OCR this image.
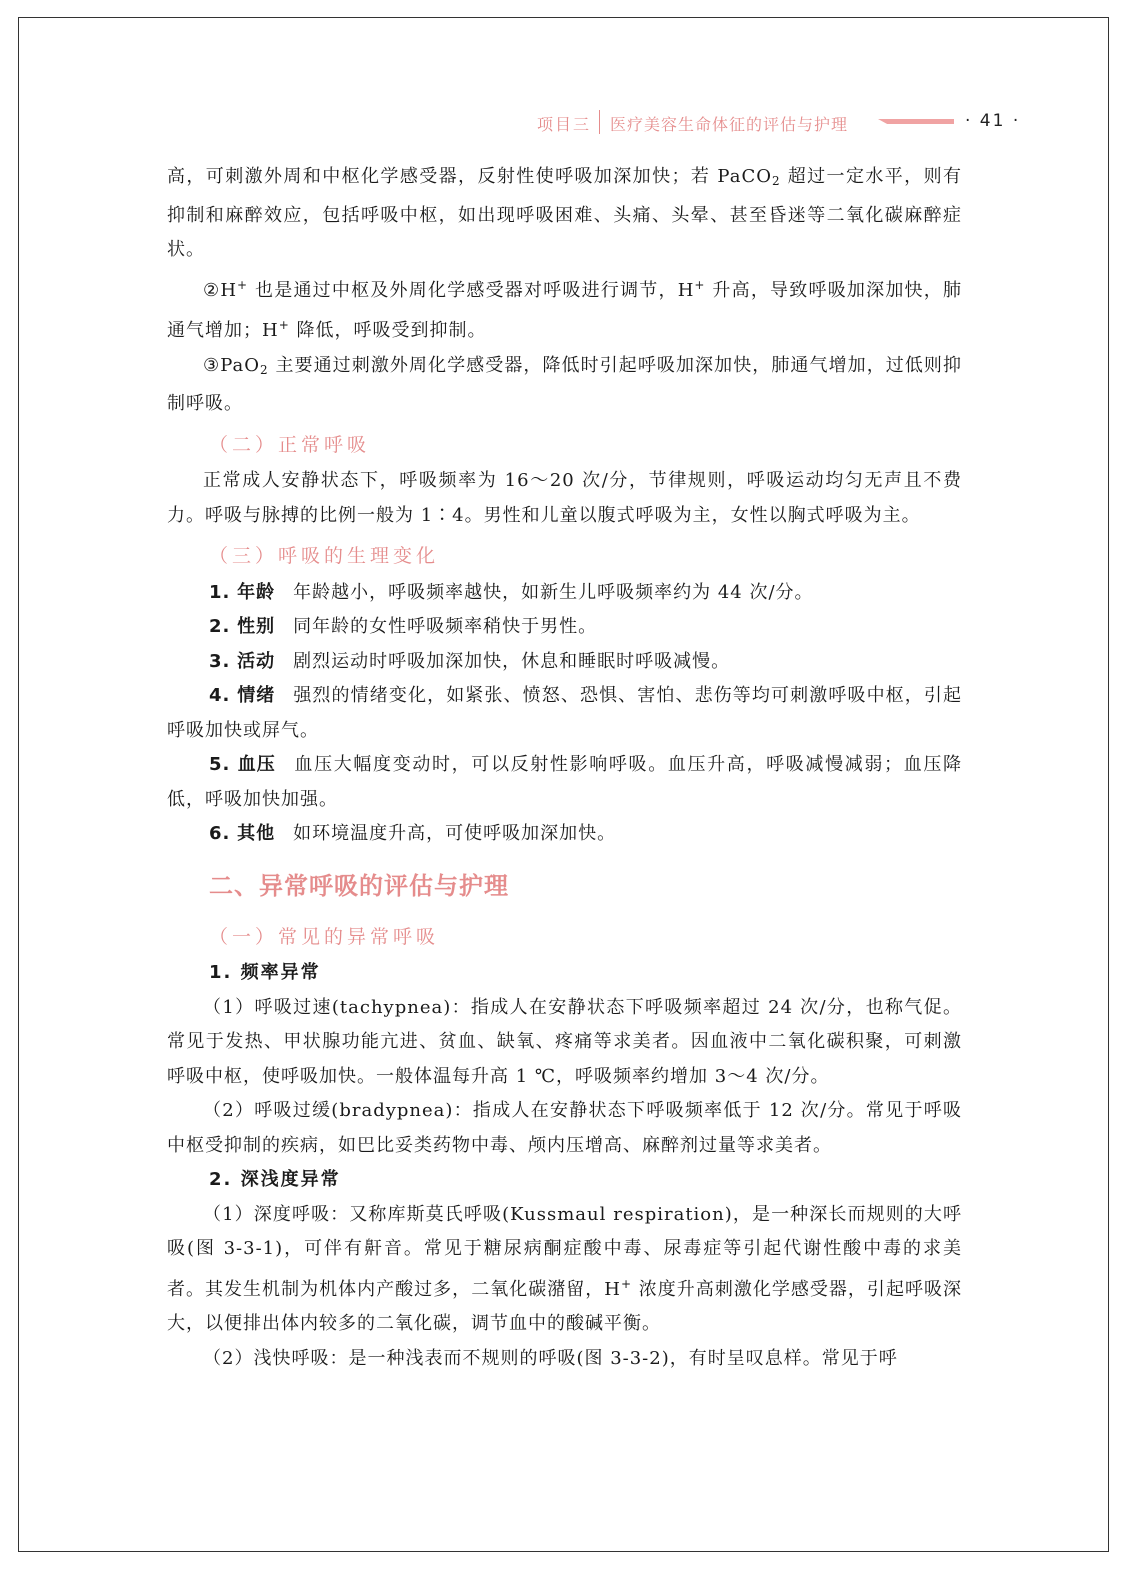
项目三 医疗美容生命体征的评估与护理	· 41 ·

高，可刺激外周和中枢化学感受器，反射性使呼吸加深加快；若 PaCO$_2$ 超过一定水平，则有抑制和麻醉效应，包括呼吸中枢，如出现呼吸困难、头痛、头晕、甚至昏迷等二氧化碳麻醉症状。

②H+ 也是通过中枢及外周化学感受器对呼吸进行调节，H+ 升高，导致呼吸加深加快，肺通气增加；H+ 降低，呼吸受到抑制。

③PaO$_2$ 主要通过刺激外周化学感受器，降低时引起呼吸加深加快，肺通气增加，过低则抑制呼吸。

（二）正常呼吸

正常成人安静状态下，呼吸频率为 16～20 次/分，节律规则，呼吸运动均匀无声且不费力。呼吸与脉搏的比例一般为 1∶4。男性和儿童以腹式呼吸为主，女性以胸式呼吸为主。

（三）呼吸的生理变化

1. 年龄 年龄越小，呼吸频率越快，如新生儿呼吸频率约为 44 次/分。

2. 性别 同年龄的女性呼吸频率稍快于男性。

3. 活动 剧烈运动时呼吸加深加快，休息和睡眠时呼吸减慢。

4. 情绪 强烈的情绪变化，如紧张、愤怒、恐惧、害怕、悲伤等均可刺激呼吸中枢，引起呼吸加快或屏气。

5. 血压 血压大幅度变动时，可以反射性影响呼吸。血压升高，呼吸减慢减弱；血压降低，呼吸加快加强。

6. 其他 如环境温度升高，可使呼吸加深加快。

二、异常呼吸的评估与护理

（一）常见的异常呼吸

1. 频率异常

（1）呼吸过速(tachypnea)：指成人在安静状态下呼吸频率超过 24 次/分，也称气促。常见于发热、甲状腺功能亢进、贫血、缺氧、疼痛等求美者。因血液中二氧化碳积聚，可刺激呼吸中枢，使呼吸加快。一般体温每升高 1 ℃，呼吸频率约增加 3～4 次/分。

（2）呼吸过缓(bradypnea)：指成人在安静状态下呼吸频率低于 12 次/分。常见于呼吸中枢受抑制的疾病，如巴比妥类药物中毒、颅内压增高、麻醉剂过量等求美者。

2. 深浅度异常

（1）深度呼吸：又称库斯莫氏呼吸(Kussmaul respiration)，是一种深长而规则的大呼吸(图 3-3-1)，可伴有鼾音。常见于糖尿病酮症酸中毒、尿毒症等引起代谢性酸中毒的求美者。其发生机制为机体内产酸过多，二氧化碳潴留，H+ 浓度升高刺激化学感受器，引起呼吸深大，以便排出体内较多的二氧化碳，调节血中的酸碱平衡。

（2）浅快呼吸：是一种浅表而不规则的呼吸(图 3-3-2)，有时呈叹息样。常见于呼
